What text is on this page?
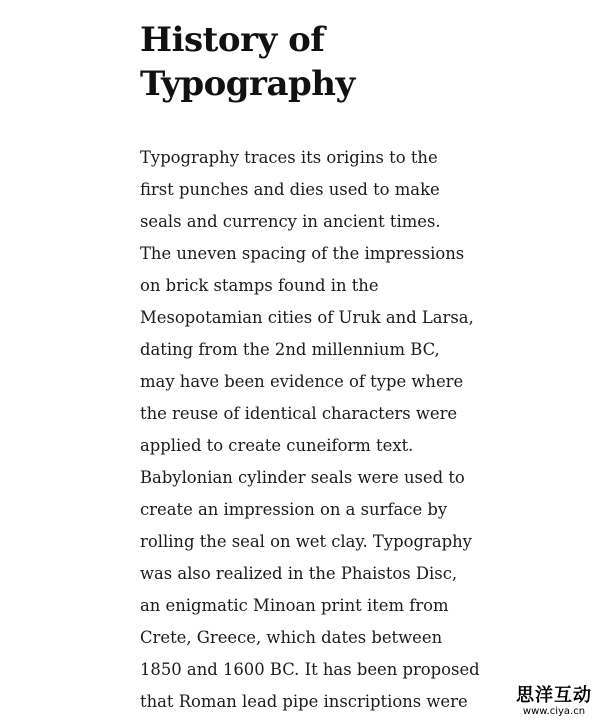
History of
Typography
Typography traces its origins to the
first punches and dies used to make
seals and currency in ancient times.
The uneven spacing of the impressions
on brick stamps found in the
Mesopotamian cities of Uruk and Larsa,
dating from the 2nd millennium BC,
may have been evidence of type where
the reuse of identical characters were
applied to create cuneiform text.
Babylonian cylinder seals were used to
create an impression on a surface by
rolling the seal on wet clay. Typography
was also realized in the Phaistos Disc,
an enigmatic Minoan print item from
Crete, Greece, which dates between
1850 and 1600 BC. It has been proposed
that Roman lead pipe inscriptions were	思洋互动
www.ciya.cn
